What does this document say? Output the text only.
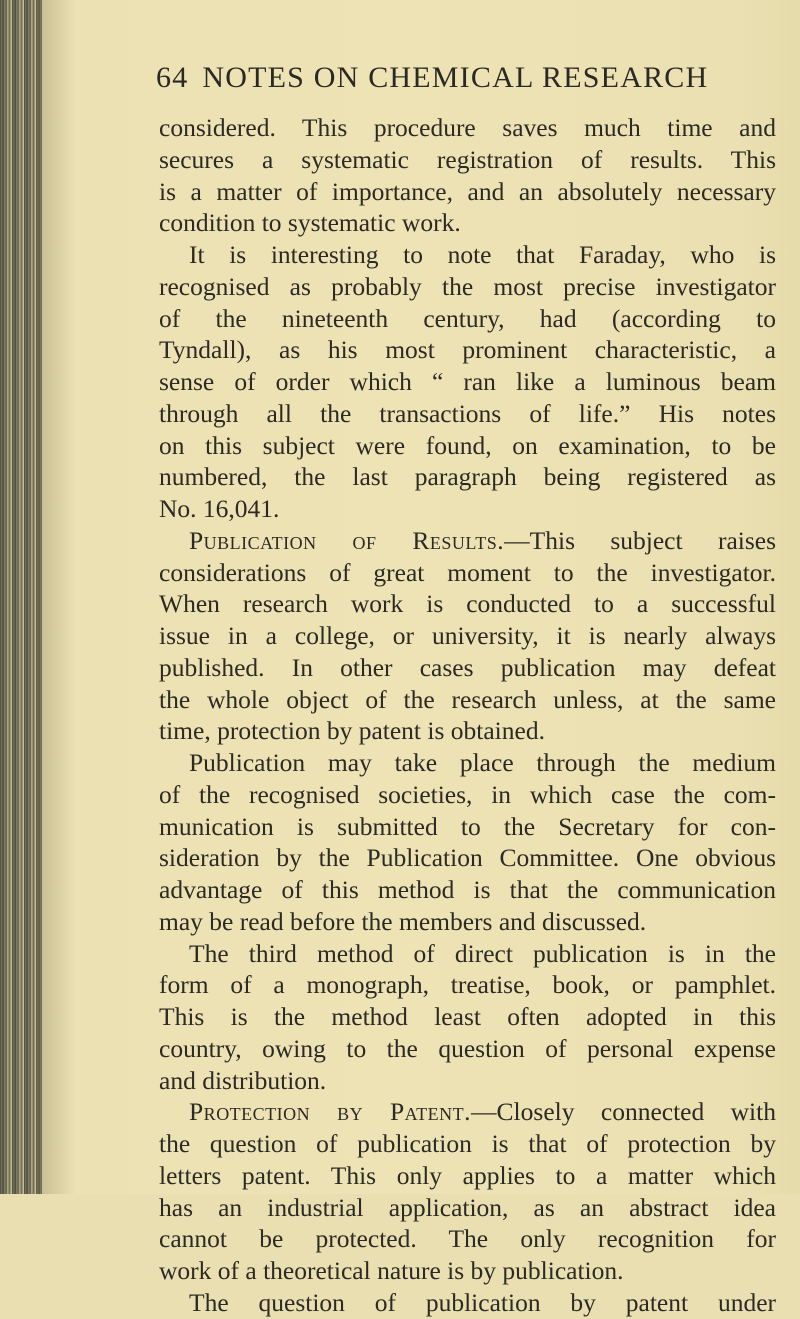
64 NOTES ON CHEMICAL RESEARCH
considered. This procedure saves much time and
secures a systematic registration of results. This
is a matter of importance, and an absolutely necessary
condition to systematic work.
It is interesting to note that Faraday, who is
recognised as probably the most precise investigator
of the nineteenth century, had (according to
Tyndall), as his most prominent characteristic, a
sense of order which “ ran like a luminous beam
through all the transactions of life.” His notes
on this subject were found, on examination, to be
numbered, the last paragraph being registered as
No. 16,041.
Publication of Results.—This subject raises
considerations of great moment to the investigator.
When research work is conducted to a successful
issue in a college, or university, it is nearly always
published. In other cases publication may defeat
the whole object of the research unless, at the same
time, protection by patent is obtained.
Publication may take place through the medium
of the recognised societies, in which case the com-
munication is submitted to the Secretary for con-
sideration by the Publication Committee. One obvious
advantage of this method is that the communication
may be read before the members and discussed.
The third method of direct publication is in the
form of a monograph, treatise, book, or pamphlet.
This is the method least often adopted in this
country, owing to the question of personal expense
and distribution.
Protection by Patent.—Closely connected with
the question of publication is that of protection by
letters patent. This only applies to a matter which
has an industrial application, as an abstract idea
cannot be protected. The only recognition for
work of a theoretical nature is by publication.
The question of publication by patent under
